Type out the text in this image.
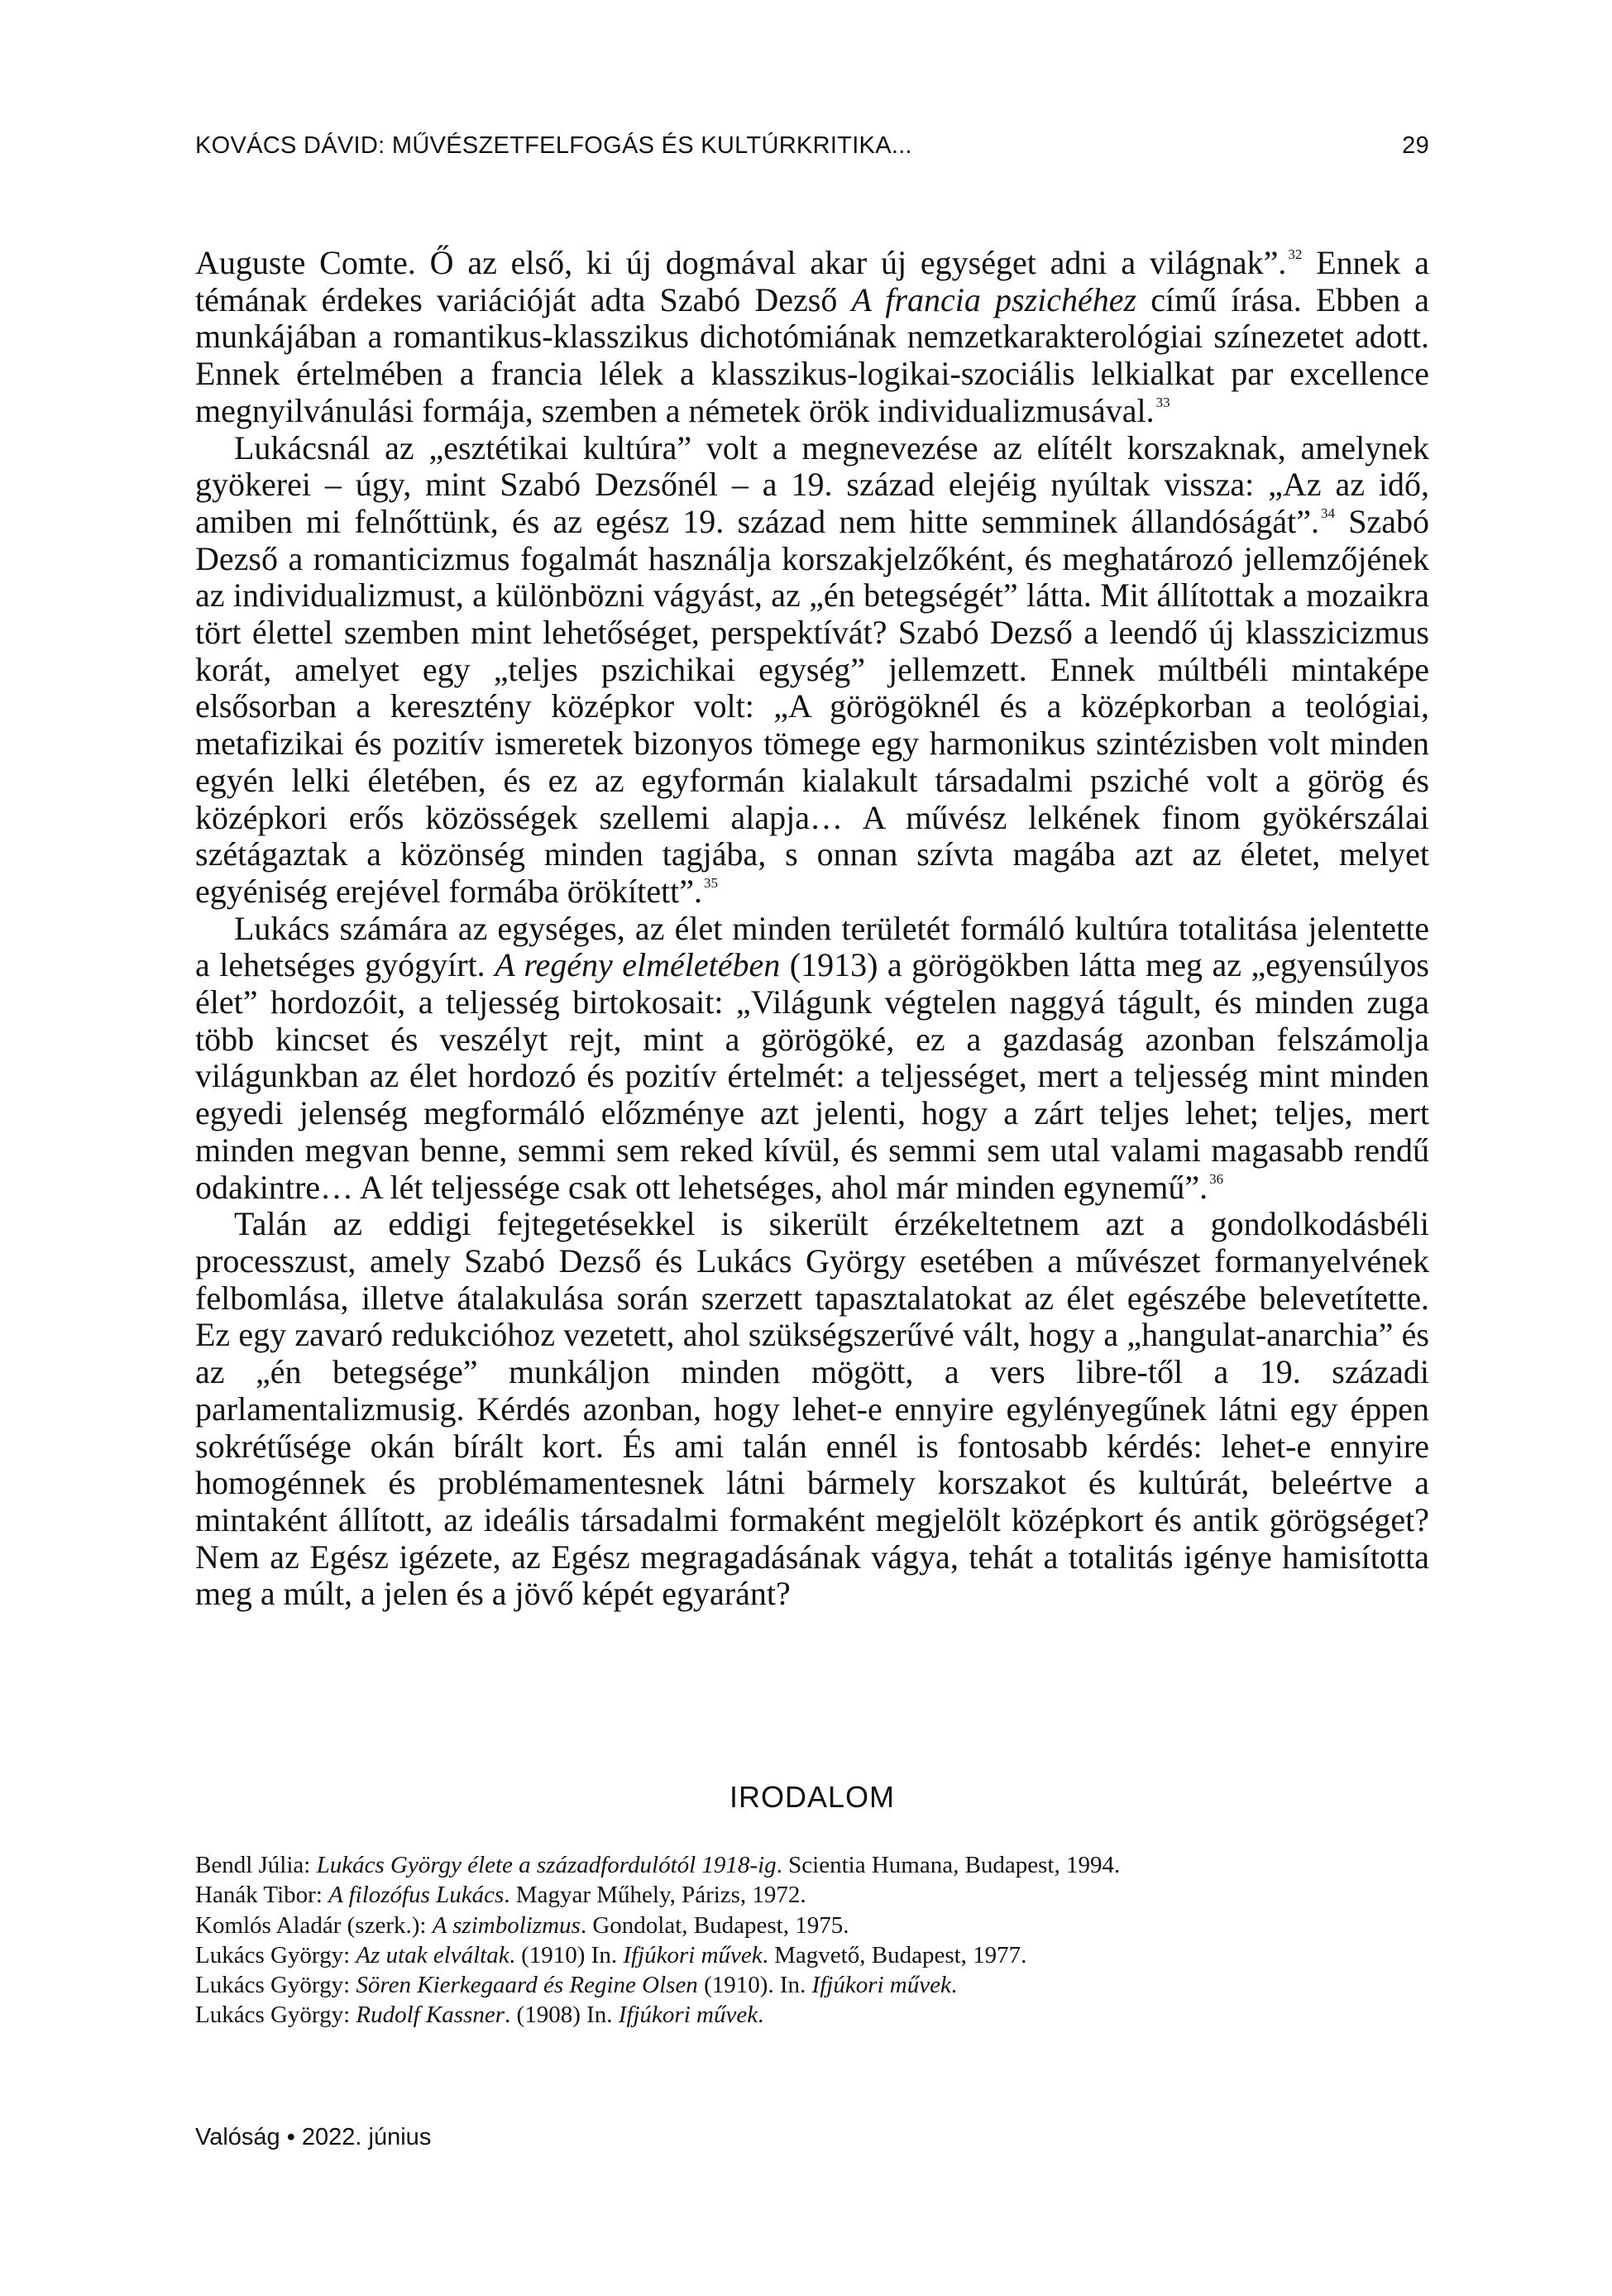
KOVÁCS DÁVID: MŰVÉSZETFELFOGÁS ÉS KULTÚRKRITIKA...	29

Auguste Comte. Ő az első, ki új dogmával akar új egységet adni a világnak”. $^{32}$ Ennek a témának érdekes variációját adta Szabó Dezső A francia pszichéhez című írása. Ebben a munkájában a romantikus-klasszikus dichotómiának nemzetkarakterológiai színezetet adott. Ennek értelmében a francia lélek a klasszikus-logikai-szociális lelkialkat par excellence megnyilvánulási formája, szemben a németek örök individualizmusával. $^{33}$

Lukácsnál az „esztétikai kultúra” volt a megnevezése az elítélt korszaknak, amelynek gyökerei – úgy, mint Szabó Dezsőnél – a 19. század elejéig nyúltak vissza: „Az az idő, amiben mi felnőttünk, és az egész 19. század nem hitte semminek állandóságát”. $^{34}$ Szabó Dezső a romanticizmus fogalmát használja korszakjelzőként, és meghatározó jellemzőjének az individualizmust, a különbözni vágyást, az „én betegségét” látta. Mit állítottak a mozaikra tört élettel szemben mint lehetőséget, perspektívát? Szabó Dezső a leendő új klasszicizmus korát, amelyet egy „teljes pszichikai egység” jellemzett. Ennek múltbéli mintaképe elsősorban a keresztény középkor volt: „A görögöknél és a középkorban a teológiai, metafizikai és pozitív ismeretek bizonyos tömege egy harmonikus szintézisben volt minden egyén lelki életében, és ez az egyformán kialakult társadalmi psziché volt a görög és középkori erős közösségek szellemi alapja… A művész lelkének finom gyökérszálai szétágaztak a közönség minden tagjába, s onnan szívta magába azt az életet, melyet egyéniség erejével formába örökített”. $^{35}$

Lukács számára az egységes, az élet minden területét formáló kultúra totalitása jelentette a lehetséges gyógyírt. A regény elméletében (1913) a görögökben látta meg az „egyensúlyos élet” hordozóit, a teljesség birtokosait: „Világunk végtelen naggyá tágult, és minden zuga több kincset és veszélyt rejt, mint a görögöké, ez a gazdaság azonban felszámolja világunkban az élet hordozó és pozitív értelmét: a teljességet, mert a teljesség mint minden egyedi jelenség megformáló előzménye azt jelenti, hogy a zárt teljes lehet; teljes, mert minden megvan benne, semmi sem reked kívül, és semmi sem utal valami magasabb rendű odakintre… A lét teljessége csak ott lehetséges, ahol már minden egynemű”. $^{36}$

Talán az eddigi fejtegetésekkel is sikerült érzékeltetnem azt a gondolkodásbéli processzust, amely Szabó Dezső és Lukács György esetében a művészet formanyelvének felbomlása, illetve átalakulása során szerzett tapasztalatokat az élet egészébe belevetítette. Ez egy zavaró redukcióhoz vezetett, ahol szükségszerűvé vált, hogy a „hangulat-anarchia” és az „én betegsége” munkáljon minden mögött, a vers libre-től a 19. századi parlamentalizmusig. Kérdés azonban, hogy lehet-e ennyire egylényegűnek látni egy éppen sokrétűsége okán bírált kort. És ami talán ennél is fontosabb kérdés: lehet-e ennyire homogénnek és problémamentesnek látni bármely korszakot és kultúrát, beleértve a mintaként állított, az ideális társadalmi formaként megjelölt középkort és antik görögséget? Nem az Egész igézete, az Egész megragadásának vágya, tehát a totalitás igénye hamisította meg a múlt, a jelen és a jövő képét egyaránt?

IRODALOM
Bendl Júlia: Lukács György élete a századfordulótól 1918-ig. Scientia Humana, Budapest, 1994.
Hanák Tibor: A filozófus Lukács. Magyar Műhely, Párizs, 1972.
Komlós Aladár (szerk.): A szimbolizmus. Gondolat, Budapest, 1975.
Lukács György: Az utak elváltak. (1910) In. Ifjúkori művek. Magvető, Budapest, 1977.
Lukács György: Sören Kierkegaard és Regine Olsen (1910). In. Ifjúkori művek.
Lukács György: Rudolf Kassner. (1908) In. Ifjúkori művek.
Valóság • 2022. június
